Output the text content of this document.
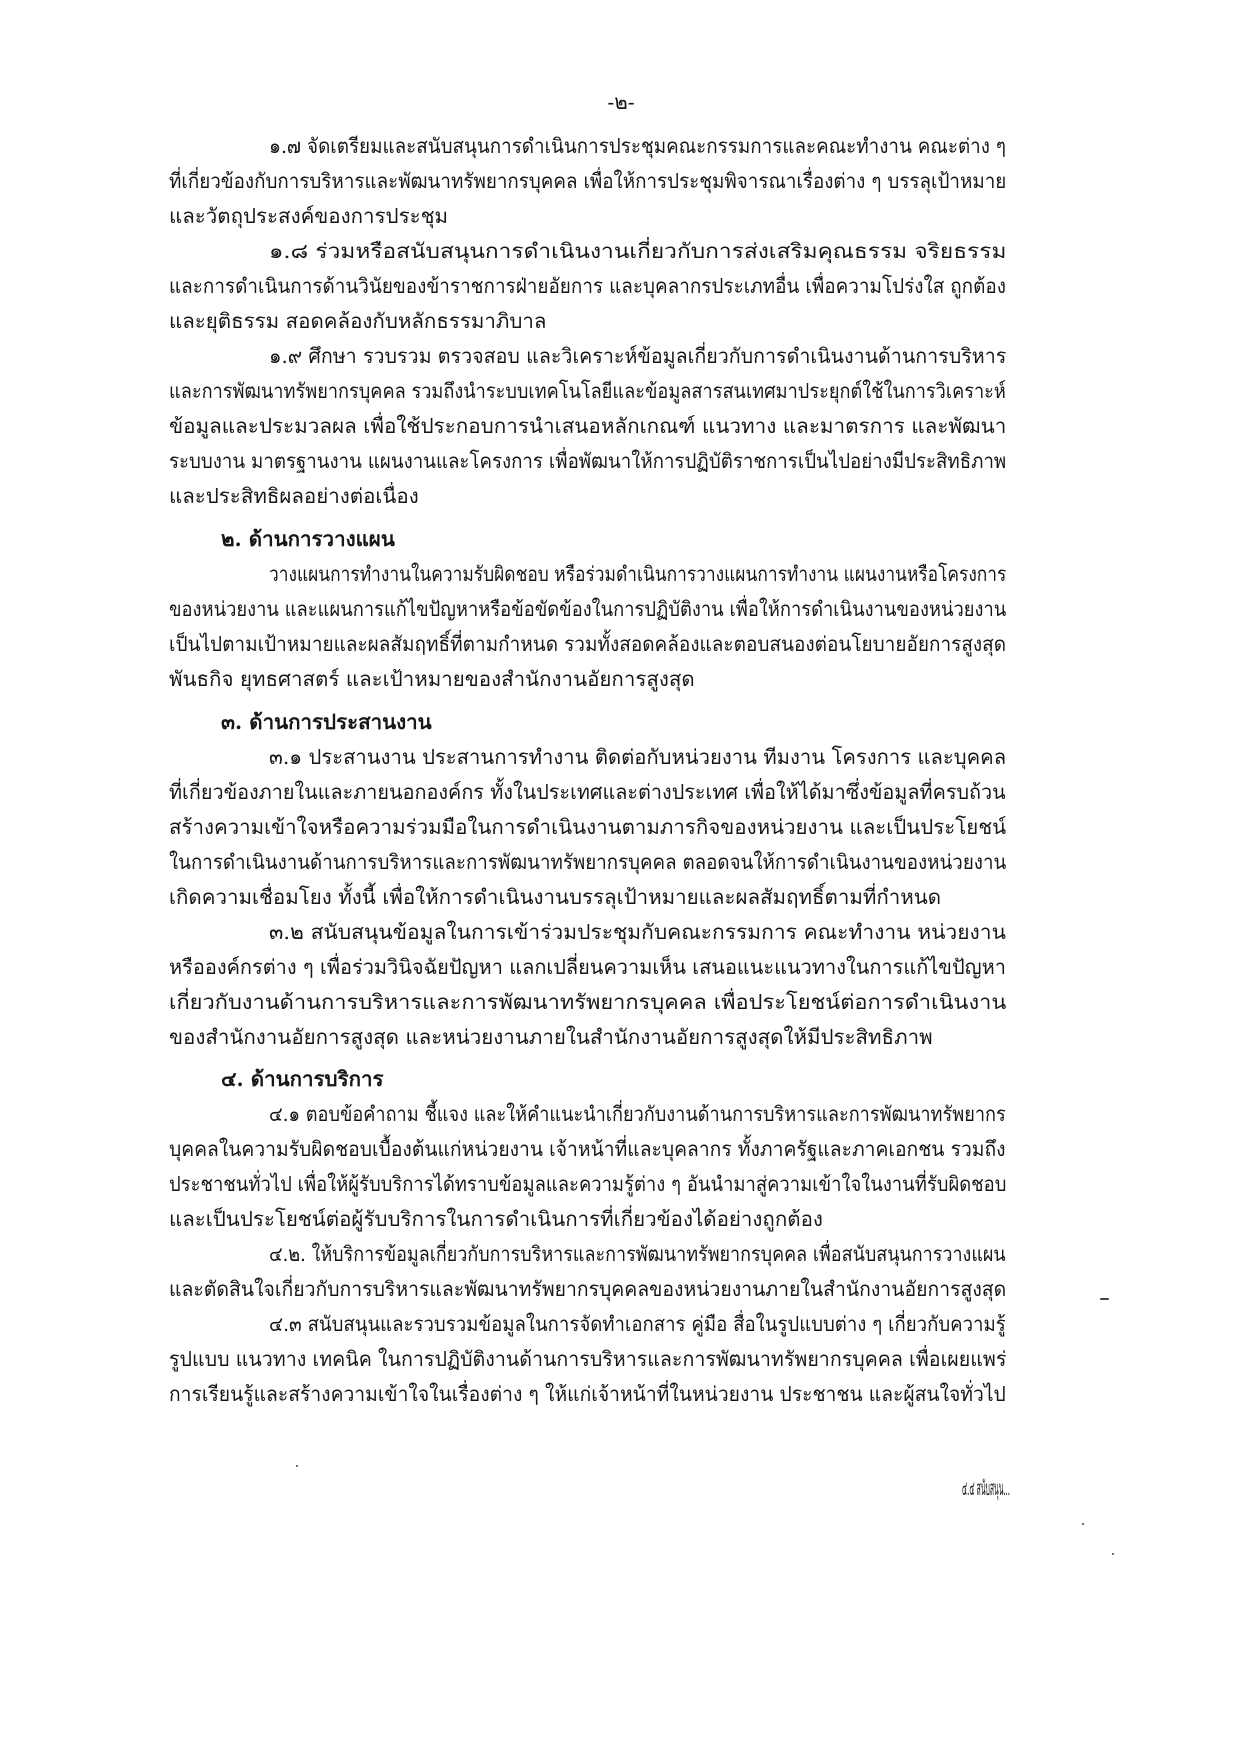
-๒-
๑.๗ จัดเตรียมและสนับสนุนการดำเนินการประชุมคณะกรรมการและคณะทำงาน คณะต่าง ๆ
ที่เกี่ยวข้องกับการบริหารและพัฒนาทรัพยากรบุคคล เพื่อให้การประชุมพิจารณาเรื่องต่าง ๆ บรรลุเป้าหมาย
และวัตถุประสงค์ของการประชุม
๑.๘ ร่วมหรือสนับสนุนการดำเนินงานเกี่ยวกับการส่งเสริมคุณธรรม จริยธรรม
และการดำเนินการด้านวินัยของข้าราชการฝ่ายอัยการ และบุคลากรประเภทอื่น เพื่อความโปร่งใส ถูกต้อง
และยุติธรรม สอดคล้องกับหลักธรรมาภิบาล
๑.๙ ศึกษา รวบรวม ตรวจสอบ และวิเคราะห์ข้อมูลเกี่ยวกับการดำเนินงานด้านการบริหาร
และการพัฒนาทรัพยากรบุคคล รวมถึงนำระบบเทคโนโลยีและข้อมูลสารสนเทศมาประยุกต์ใช้ในการวิเคราะห์
ข้อมูลและประมวลผล เพื่อใช้ประกอบการนำเสนอหลักเกณฑ์ แนวทาง และมาตรการ และพัฒนา
ระบบงาน มาตรฐานงาน แผนงานและโครงการ เพื่อพัฒนาให้การปฏิบัติราชการเป็นไปอย่างมีประสิทธิภาพ
และประสิทธิผลอย่างต่อเนื่อง
๒. ด้านการวางแผน
วางแผนการทำงานในความรับผิดชอบ หรือร่วมดำเนินการวางแผนการทำงาน แผนงานหรือโครงการ
ของหน่วยงาน และแผนการแก้ไขปัญหาหรือข้อขัดข้องในการปฏิบัติงาน เพื่อให้การดำเนินงานของหน่วยงาน
เป็นไปตามเป้าหมายและผลสัมฤทธิ์ที่ตามกำหนด รวมทั้งสอดคล้องและตอบสนองต่อนโยบายอัยการสูงสุด
พันธกิจ ยุทธศาสตร์ และเป้าหมายของสำนักงานอัยการสูงสุด
๓. ด้านการประสานงาน
๓.๑ ประสานงาน ประสานการทำงาน ติดต่อกับหน่วยงาน ทีมงาน โครงการ และบุคคล
ที่เกี่ยวข้องภายในและภายนอกองค์กร ทั้งในประเทศและต่างประเทศ เพื่อให้ได้มาซึ่งข้อมูลที่ครบถ้วน
สร้างความเข้าใจหรือความร่วมมือในการดำเนินงานตามภารกิจของหน่วยงาน และเป็นประโยชน์
ในการดำเนินงานด้านการบริหารและการพัฒนาทรัพยากรบุคคล ตลอดจนให้การดำเนินงานของหน่วยงาน
เกิดความเชื่อมโยง ทั้งนี้ เพื่อให้การดำเนินงานบรรลุเป้าหมายและผลสัมฤทธิ์ตามที่กำหนด
๓.๒ สนับสนุนข้อมูลในการเข้าร่วมประชุมกับคณะกรรมการ คณะทำงาน หน่วยงาน
หรือองค์กรต่าง ๆ เพื่อร่วมวินิจฉัยปัญหา แลกเปลี่ยนความเห็น เสนอแนะแนวทางในการแก้ไขปัญหา
เกี่ยวกับงานด้านการบริหารและการพัฒนาทรัพยากรบุคคล เพื่อประโยชน์ต่อการดำเนินงาน
ของสำนักงานอัยการสูงสุด และหน่วยงานภายในสำนักงานอัยการสูงสุดให้มีประสิทธิภาพ
๔. ด้านการบริการ
๔.๑ ตอบข้อคำถาม ชี้แจง และให้คำแนะนำเกี่ยวกับงานด้านการบริหารและการพัฒนาทรัพยากร
บุคคลในความรับผิดชอบเบื้องต้นแก่หน่วยงาน เจ้าหน้าที่และบุคลากร ทั้งภาครัฐและภาคเอกชน รวมถึง
ประชาชนทั่วไป เพื่อให้ผู้รับบริการได้ทราบข้อมูลและความรู้ต่าง ๆ อันนำมาสู่ความเข้าใจในงานที่รับผิดชอบ
และเป็นประโยชน์ต่อผู้รับบริการในการดำเนินการที่เกี่ยวข้องได้อย่างถูกต้อง
๔.๒. ให้บริการข้อมูลเกี่ยวกับการบริหารและการพัฒนาทรัพยากรบุคคล เพื่อสนับสนุนการวางแผน
และตัดสินใจเกี่ยวกับการบริหารและพัฒนาทรัพยากรบุคคลของหน่วยงานภายในสำนักงานอัยการสูงสุด
๔.๓ สนับสนุนและรวบรวมข้อมูลในการจัดทำเอกสาร คู่มือ สื่อในรูปแบบต่าง ๆ เกี่ยวกับความรู้
รูปแบบ แนวทาง เทคนิค ในการปฏิบัติงานด้านการบริหารและการพัฒนาทรัพยากรบุคคล เพื่อเผยแพร่
การเรียนรู้และสร้างความเข้าใจในเรื่องต่าง ๆ ให้แก่เจ้าหน้าที่ในหน่วยงาน ประชาชน และผู้สนใจทั่วไป
๔.๔ สนับสนุน...
